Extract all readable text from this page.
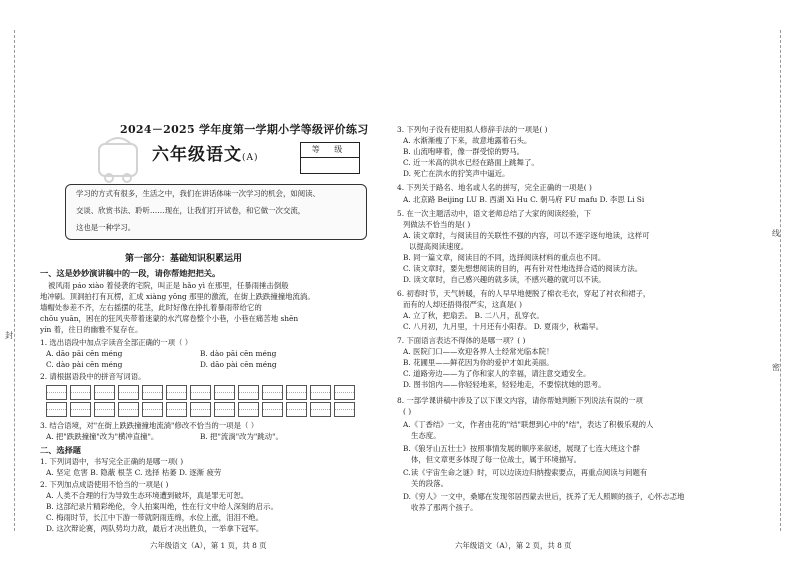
封
2024－2025 学年度第一学期小学等级评价练习
六年级语文(A)
等 级
学习的方式有很多，生活之中，我们在讲话体味一次学习的机会，如阅读、
交谈、欣赏书法、聆听……现在，让我们打开试卷，和它做一次交流，
这也是一种学习。
第一部分：基础知识积累运用
一、这是妙妙演讲稿中的一段，请你帮她把把关。
被风雨 páo xiào 着侵袭的宅院，叫正是 hǎo yì 在那里，任暴雨捶击倒般
地冲刷。顶洞拍打有瓦楞，汇成 xiàng yōng 那里的激流，在街上跌跌撞撞地流淌。
墙帽处参差不齐，左右摇摆的花茎，此时好像在挣扎着暴雨带给它的
chōu yuān，困在的狂风夹带着迷蒙的水汽席卷整个小巷，小巷在痛苦地 shēn
yín 着，往日的幽雅不复存在。
1. 选出语段中加点字读音全部正确的一项（ ）
A. dāo pāi cēn méng	B. dào pāi cēn méng
C. dào pài cēn méng	D. dāo pài cēn méng
2. 请根据语段中的拼音写词语。
3. 结合语境，对"在街上跌跌撞撞地流淌"修改不恰当的一项是（ ）
A. 把"跌跌撞撞"改为"横冲直撞"。	B. 把"流淌"改为"跳动"。
二、选择题
1. 下列词语中，书写完全正确的是哪一项( )
A. 坚定 危害 B. 隐蔽 根茎 C. 选择 枯萎 D. 逐渐 疲劳
2. 下列加点成语使用不恰当的一项是( )
A. 人类不合理的行为导致生态环境遭到破坏，真是罪无可恕。
B. 这部纪录片精彩绝伦，令人拍案叫绝，性在行文中给人深刻的启示。
C. 梅雨时节，长江中下游一带就阴雨连绵，水位上涨，泪泪不绝。
D. 这次辩论赛，两队势均力敌，最后才决出胜负，一举拿下冠军。
六年级语文（A），第 1 页，共 8 页
3. 下列句子没有使用拟人修辞手法的一项是( )
A. 水渐渐瘦了下来，故意地露着石头。
B. 山流咆哮着，像一群受惊的野马。
C. 近一米高的洪水已经在路面上跳舞了。
D. 死亡在洪水的狞笑声中逼近。
4. 下列关于路名、地名或人名的拼写，完全正确的一项是( )
A. 北京路 Beijing LU B. 西湖 Xi Hu C. 朝马府 FU mafu D. 李思 Li Si
5. 在一次主题活动中，语文老师总结了大家的阅读经验，下
列做法不恰当的是( )
A. 读文章时，与阅读目的关联性不强的内容，可以不逐字逐句地读，这样可
以提高阅读速度。
B. 同一篇文章，阅读目的不同，选择阅读材料的重点也不同。
C. 读文章时，要先想想阅读的目的，再有针对性地选择合适的阅读方法。
D. 读文章时，自己感兴趣的就多读，不感兴趣的就可以不读。
6. 初春时节，天气转暖，有的人早早地便脱了棉衣毛衣，穿起了衬衣和裙子，
而有的人却还捂得很严实，这真是( )
A. 立了秋，把扇丢。 B. 二八月，乱穿衣。
C. 八月初，九月里，十月还有小阳春。 D. 夏雨少，秋霜早。
7. 下面语言表达不得体的是哪一项？( )
A. 医院门口——欢迎各界人士经常光临本院！
B. 花圃里——鲜花因为你的爱护才如此美丽。
C. 道路旁边——为了你和家人的幸福，请注意交通安全。
D. 图书馆内——你轻轻地来，轻轻地走，不要惊扰她的思考。
8. 一部学课讲稿中涉及了以下课文内容，请你帮她判断下列说法有误的一项
( )
A.《丁香结》一文，作者由花的"结"联想到心中的"结"，表达了积极乐观的人
生态度。
B.《狼牙山五壮士》按照事情发展的顺序来叙述，展现了七连大班这个群
体，但文章更多体现了每一位战士，属于环境描写。
C.读《宇宙生命之谜》时，可以边读边归纳搜索要点，再重点阅读与问题有
关的段落。
D.《穷人》一文中，桑娜在发现邻居西蒙去世后，抚养了无人照顾的孩子，心怀忐忑地
收养了那两个孩子。
六年级语文（A），第 2 页，共 8 页
线
密
